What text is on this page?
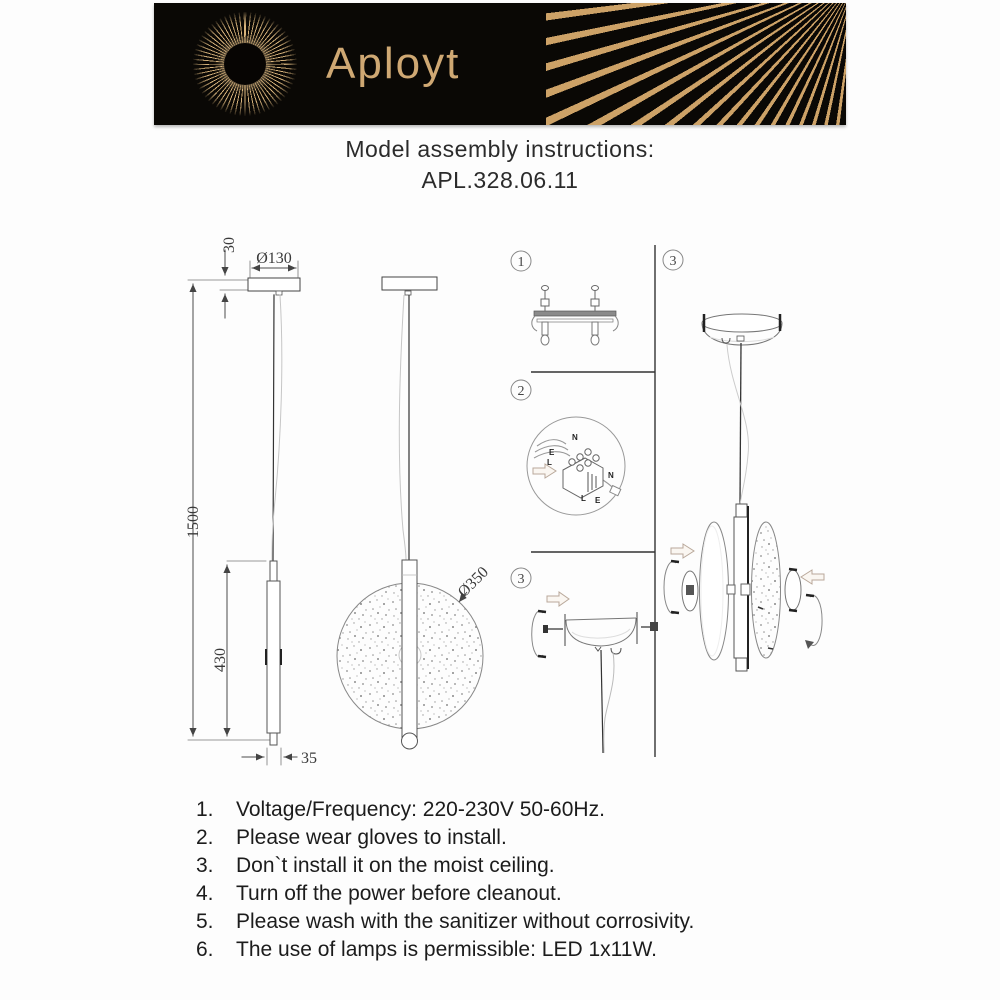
1500
30
Ø130
430
35
Ø350
1
2
N
E
L
N
L E
3
3
Aployt
Model assembly instructions:
APL.328.06.11
1.	Voltage/Frequency: 220-230V 50-60Hz.
2.	Please wear gloves to install.
3.	Don`t install it on the moist ceiling.
4.	Turn off the power before cleanout.
5.	Please wash with the sanitizer without corrosivity.
6.	The use of lamps is permissible: LED 1x11W.
